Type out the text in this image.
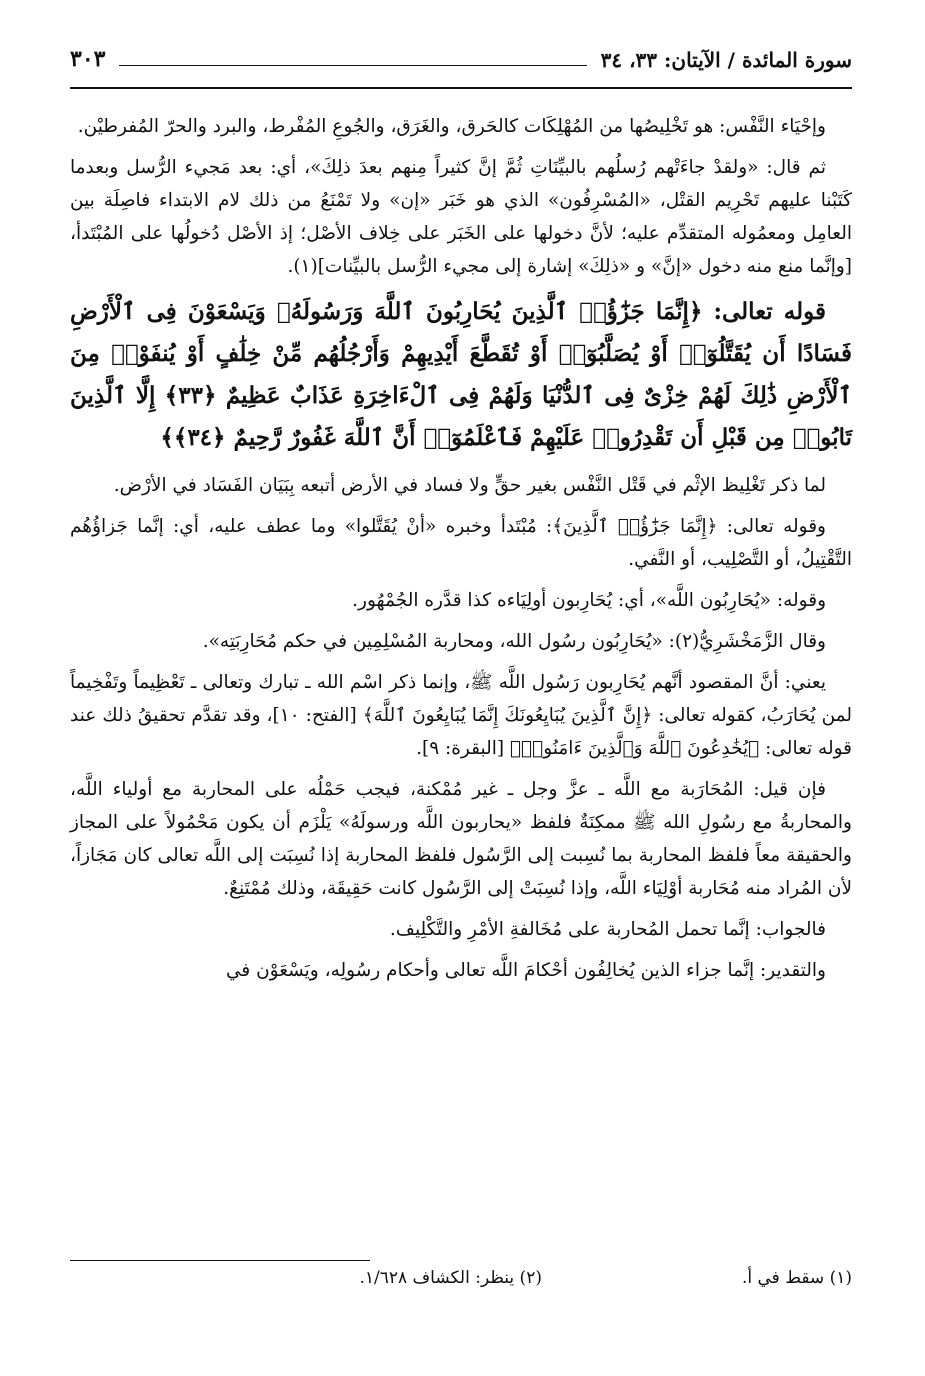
سورة المائدة / الآيتان: ٣٣، ٣٤
٣٠٣

وإحْيَاء النَّفْس: هو تَخْلِيصُها من المُهْلِكَات كالحَرق، والغَرَق، والجُوعِ المُفْرط، والبرد والحرّ المُفرطيْن.

ثم قال: «ولقدْ جاءَتْهم رُسلُهم بالبيِّنَاتِ ثُمَّ إنَّ كثيراً مِنهم بعدَ ذلِكَ»، أي: بعد مَجيء الرُّسل وبعدما كَتَبْنا عليهم تَحْرِيم القتْل، «المُسْرِفُون» الذي هو خَبَر «إن» ولا تَمْنَعُ من ذلك لام الابتداء فاصِلَة بين العامِل ومعمُوله المتقدِّم عليه؛ لأنَّ دخولها على الخَبَر على خِلاف الأصْل؛ إذ الأصْل دُخولُها على المُبْتَدأ، [وإنَّما منع منه دخول «إنَّ» و «ذلِكَ» إشارة إلى مجيء الرُّسل بالبيِّنات](١).

قوله تعالى: ﴿إِنَّمَا جَزَٰٓؤُا۟ ٱلَّذِينَ يُحَارِبُونَ ٱللَّهَ وَرَسُولَهُۥ وَيَسْعَوْنَ فِى ٱلْأَرْضِ فَسَادًا أَن يُقَتَّلُوٓا۟ أَوْ يُصَلَّبُوٓا۟ أَوْ تُقَطَّعَ أَيْدِيهِمْ وَأَرْجُلُهُم مِّنْ خِلَٰفٍ أَوْ يُنفَوْا۟ مِنَ ٱلْأَرْضِ ذَٰلِكَ لَهُمْ خِزْىٌ فِى ٱلدُّنْيَا وَلَهُمْ فِى ٱلْءَاخِرَةِ عَذَابٌ عَظِيمٌ ﴿٣٣﴾ إِلَّا ٱلَّذِينَ تَابُوا۟ مِن قَبْلِ أَن تَقْدِرُوا۟ عَلَيْهِمْ فَٱعْلَمُوٓا۟ أَنَّ ٱللَّهَ غَفُورٌ رَّحِيمٌ ﴿٣٤﴾﴾

لما ذكر تَغْلِيظ الإثْم في قَتْل النَّفْس بغير حقٍّ ولا فساد في الأرض أتبعه بِبَيَان الفَسَاد في الأرْض.

وقوله تعالى: ﴿إِنَّمَا جَزَٰٓؤُا۟ ٱلَّذِينَ﴾: مُبْتَدأ وخبره «أنْ يُقَتَّلوا» وما عطف عليه، أي: إنَّما جَزاؤُهُم التَّقْتِيلُ، أو التَّصْلِيب، أو النَّفي.

وقوله: «يُحَارِبُون اللَّه»، أي: يُحَارِبون أولِيَاءه كذا قدَّره الجُمْهُور.

وقال الزَّمَخْشَرِيُّ(٢): «يُحَارِبُون رسُول الله، ومحاربة المُسْلِمِين في حكم مُحَارِبَتِه».

يعني: أنَّ المقصود أنَّهم يُحَارِبون رَسُول اللَّه ﷺ، وإنما ذكر اسْم الله ـ تبارك وتعالى ـ تَعْظِيماً وتَفْخِيماً لمن يُحَارَبُ، كقوله تعالى: ﴿إِنَّ ٱلَّذِينَ يُبَايِعُونَكَ إِنَّمَا يُبَايِعُونَ ٱللَّهَ﴾ [الفتح: ١٠]، وقد تقدَّم تحقيقُ ذلك عند قوله تعالى: ﴿يُخَٰدِعُونَ ٱللَّهَ وَٱلَّذِينَ ءَامَنُوا۟﴾ [البقرة: ٩].

فإن قيل: المُحَارَبة مع اللَّه ـ عزَّ وجل ـ غير مُمْكنة، فيجب حَمْلُه على المحاربة مع أولياء اللَّه، والمحاربةُ مع رسُولِ الله ﷺ ممكِنَةٌ فلفظ «يحاربون اللَّه ورسولَهُ» يَلْزَم أن يكون مَحْمُولاً على المجاز والحقيقة معاً فلفظ المحاربة بما نُسِبت إلى الرَّسُول فلفظ المحاربة إذا نُسِبَت إلى اللَّه تعالى كان مَجَازاً، لأن المُراد منه مُحَاربة أوْلِيَاء اللَّه، وإذا نُسِبَتْ إلى الرَّسُول كانت حَقِيقَة، وذلك مُمْتَنِعٌ.

فالجواب: إنَّما تحمل المُحاربة على مُخَالفةِ الأمْرِ والتَّكْلِيف.

والتقدير: إنَّما جزاء الذين يُخالِفُون أحْكامَ اللَّه تعالى وأحكام رسُولِه، ويَسْعَوْن في

(١) سقط في أ.
(٢) ينظر: الكشاف ١/٦٢٨.
